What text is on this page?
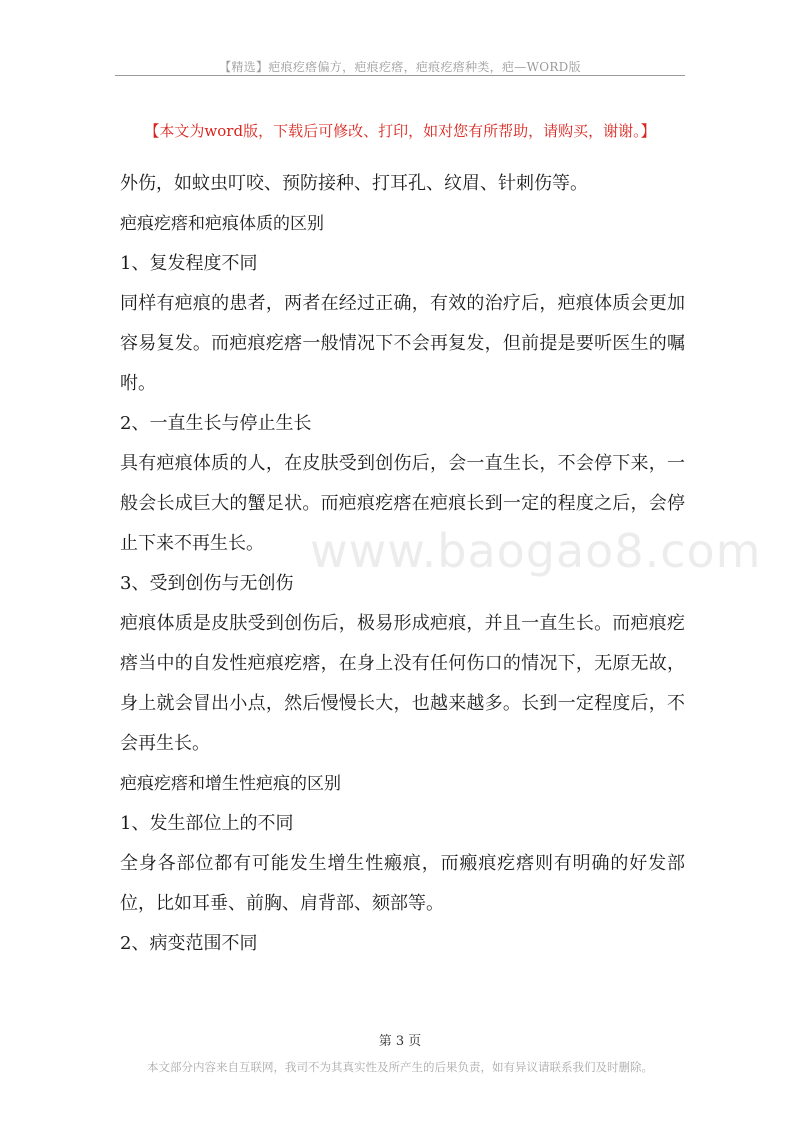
【精选】疤痕疙瘩偏方，疤痕疙瘩，疤痕疙瘩种类，疤—WORD版
【本文为word版，下载后可修改、打印，如对您有所帮助，请购买，谢谢。】

外伤，如蚊虫叮咬、预防接种、打耳孔、纹眉、针刺伤等。

疤痕疙瘩和疤痕体质的区别

1、复发程度不同

同样有疤痕的患者，两者在经过正确，有效的治疗后，疤痕体质会更加容易复发。而疤痕疙瘩一般情况下不会再复发，但前提是要听医生的嘱咐。

2、一直生长与停止生长

具有疤痕体质的人，在皮肤受到创伤后，会一直生长，不会停下来，一般会长成巨大的蟹足状。而疤痕疙瘩在疤痕长到一定的程度之后，会停止下来不再生长。

3、受到创伤与无创伤

疤痕体质是皮肤受到创伤后，极易形成疤痕，并且一直生长。而疤痕疙瘩当中的自发性疤痕疙瘩，在身上没有任何伤口的情况下，无原无故，身上就会冒出小点，然后慢慢长大，也越来越多。长到一定程度后，不会再生长。

疤痕疙瘩和增生性疤痕的区别

1、发生部位上的不同

全身各部位都有可能发生增生性瘢痕，而瘢痕疙瘩则有明确的好发部位，比如耳垂、前胸、肩背部、颏部等。

2、病变范围不同

www.baogao8.com
第 3 页
本文部分内容来自互联网，我司不为其真实性及所产生的后果负责，如有异议请联系我们及时删除。
